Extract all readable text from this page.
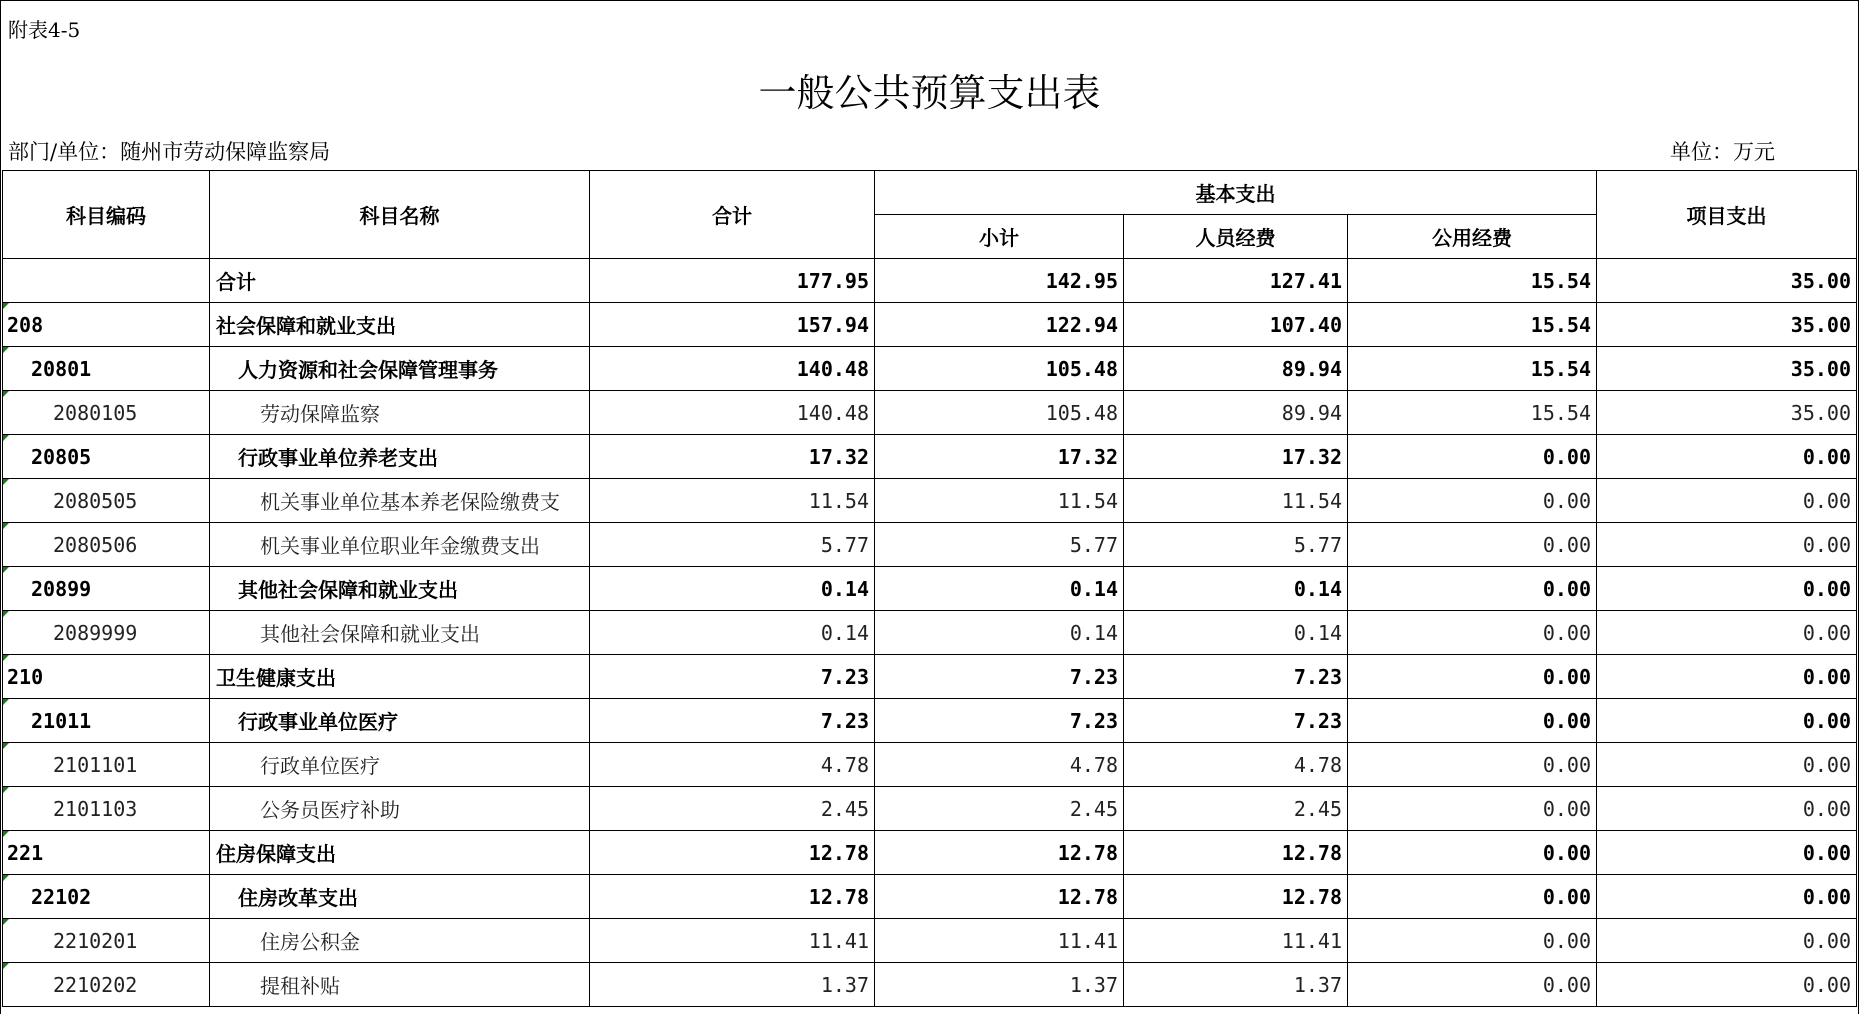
附表4-5
一般公共预算支出表
部门/单位：随州市劳动保障监察局	单位：万元
科目编码	科目名称	合计	基本支出			项目支出
			小计	人员经费	公用经费	
	合计	177.95	142.95	127.41	15.54	35.00
208	社会保障和就业支出	157.94	122.94	107.40	15.54	35.00
20801	人力资源和社会保障管理事务	140.48	105.48	89.94	15.54	35.00
2080105	劳动保障监察	140.48	105.48	89.94	15.54	35.00
20805	行政事业单位养老支出	17.32	17.32	17.32	0.00	0.00
2080505	机关事业单位基本养老保险缴费支	11.54	11.54	11.54	0.00	0.00
2080506	机关事业单位职业年金缴费支出	5.77	5.77	5.77	0.00	0.00
20899	其他社会保障和就业支出	0.14	0.14	0.14	0.00	0.00
2089999	其他社会保障和就业支出	0.14	0.14	0.14	0.00	0.00
210	卫生健康支出	7.23	7.23	7.23	0.00	0.00
21011	行政事业单位医疗	7.23	7.23	7.23	0.00	0.00
2101101	行政单位医疗	4.78	4.78	4.78	0.00	0.00
2101103	公务员医疗补助	2.45	2.45	2.45	0.00	0.00
221	住房保障支出	12.78	12.78	12.78	0.00	0.00
22102	住房改革支出	12.78	12.78	12.78	0.00	0.00
2210201	住房公积金	11.41	11.41	11.41	0.00	0.00
2210202	提租补贴	1.37	1.37	1.37	0.00	0.00
